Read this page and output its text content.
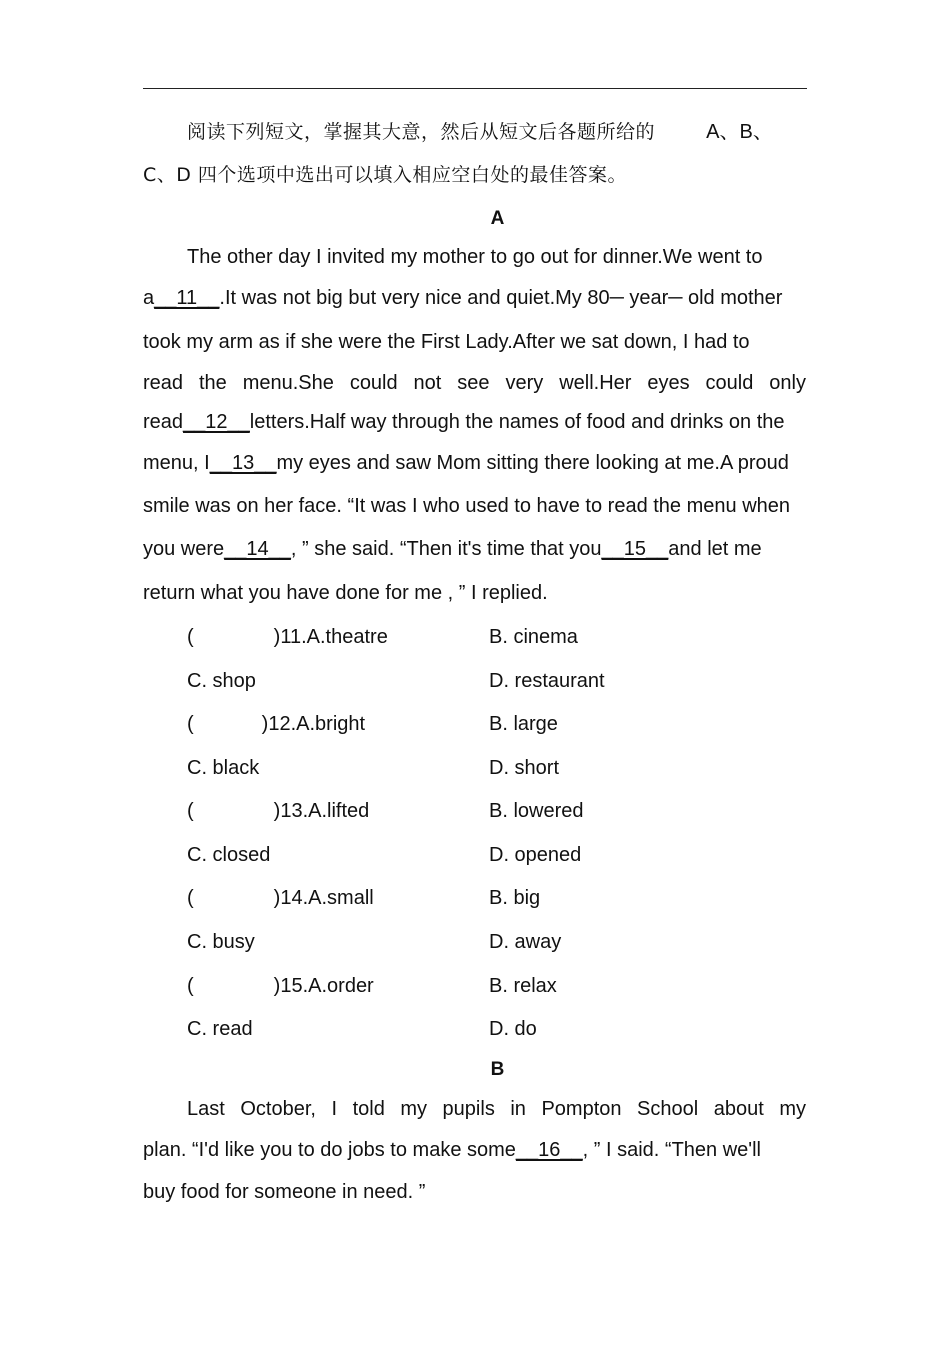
阅读下列短文，掌握其大意，然后从短文后各题所给的	A、B、
C、D 四个选项中选出可以填入相应空白处的最佳答案。
A
The other day I invited my mother to go out for dinner.We went to
a__11__.It was not big but very nice and quiet.My 80─ year─ old mother
took my arm as if she were the First Lady.After we sat down, I had to
read the menu.She could not see very well.Her eyes could only
read__12__letters.Half way through the names of food and drinks on the
menu, I__13__my eyes and saw Mom sitting there looking at me.A proud
smile was on her face. “It was I who used to have to read the menu when
you were__14__, ” she said. “Then it's time that you__15__and let me
return what you have done for me , ” I replied.
(	)11.A.theatre	B. cinema
C. shop	D. restaurant
(	)12.A.bright	B. large
C. black	D. short
(	)13.A.lifted	B. lowered
C. closed	D. opened
(	)14.A.small	B. big
C. busy	D. away
(	)15.A.order	B. relax
C. read	D. do
B
Last October, I told my pupils in Pompton School about my
plan. “I'd like you to do jobs to make some__16__, ” I said. “Then we'll
buy food for someone in need. ”
